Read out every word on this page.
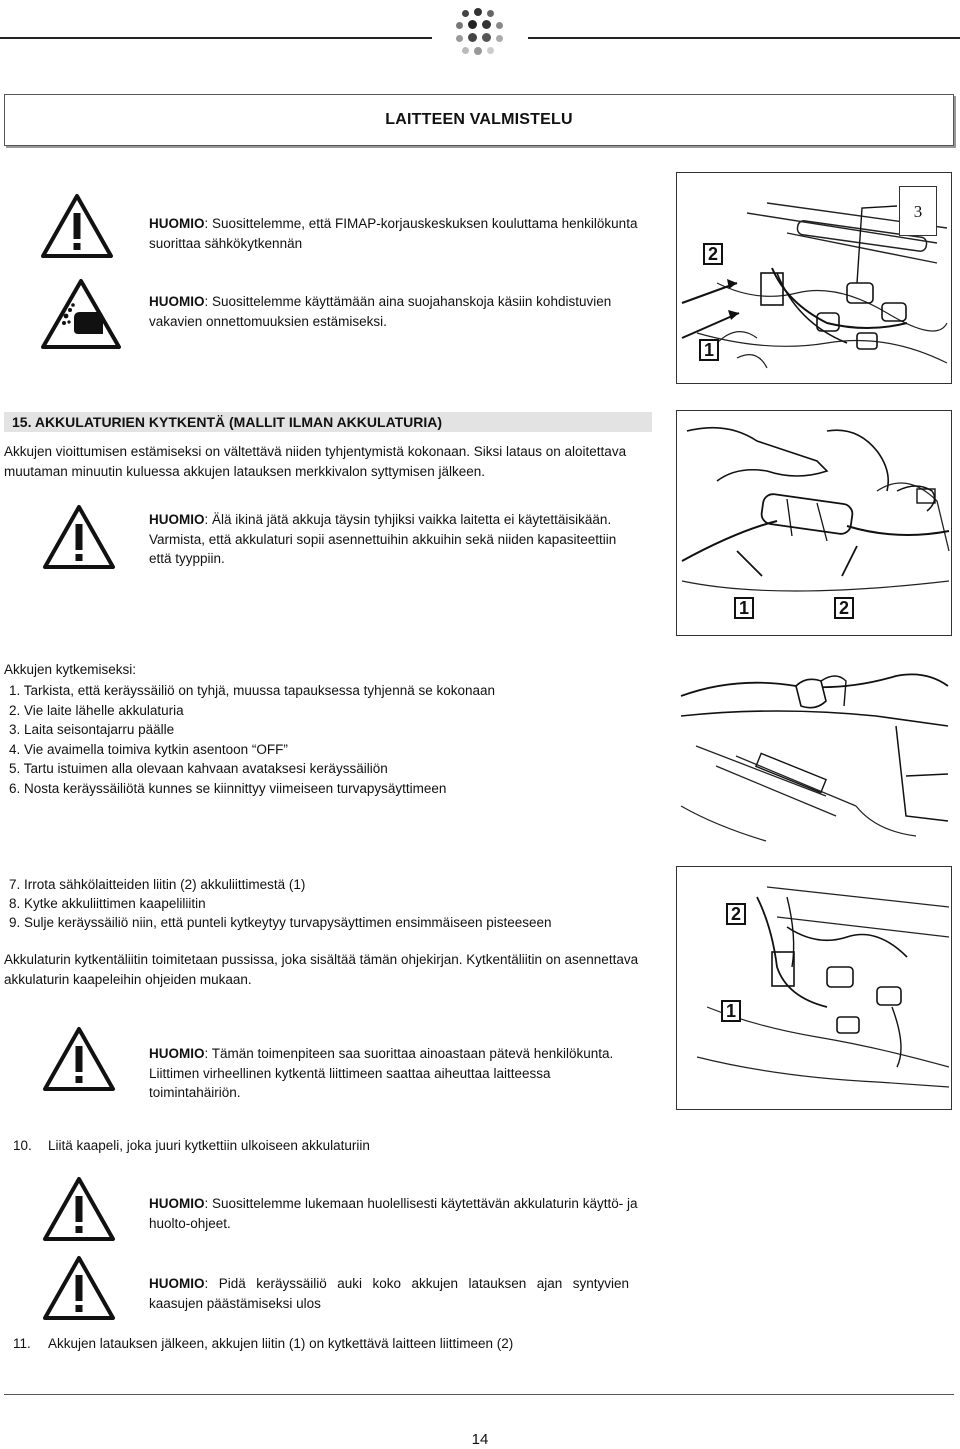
LAITTEEN VALMISTELU
HUOMIO: Suosittelemme, että FIMAP-korjauskeskuksen kouluttama henkilökunta suorittaa sähkökytkennän
HUOMIO: Suosittelemme käyttämään aina suojahanskoja käsiin kohdistuvien vakavien onnettomuuksien estämiseksi.
2
1
3
15. AKKULATURIEN KYTKENTÄ (MALLIT ILMAN AKKULATURIA)
Akkujen vioittumisen estämiseksi on vältettävä niiden tyhjentymistä kokonaan. Siksi lataus on aloitettava muutaman minuutin kuluessa akkujen latauksen merkkivalon syttymisen jälkeen.
HUOMIO: Älä ikinä jätä akkuja täysin tyhjiksi vaikka laitetta ei käytettäisikään. Varmista, että akkulaturi sopii asennettuihin akkuihin sekä niiden kapasiteettiin että tyyppiin.
1	2
Akkujen kytkemiseksi:
1. Tarkista, että keräyssäiliö on tyhjä, muussa tapauksessa tyhjennä se kokonaan
2. Vie laite lähelle akkulaturia
3. Laita seisontajarru päälle
4. Vie avaimella toimiva kytkin asentoon “OFF”
5. Tartu istuimen alla olevaan kahvaan avataksesi keräyssäiliön
6. Nosta keräyssäiliötä kunnes se kiinnittyy viimeiseen turvapysäyttimeen
7. Irrota sähkölaitteiden liitin (2) akkuliittimestä (1)
8. Kytke akkuliittimen kaapeliliitin
9. Sulje keräyssäiliö niin, että punteli kytkeytyy turvapysäyttimen ensimmäiseen pisteeseen
Akkulaturin kytkentäliitin toimitetaan pussissa, joka sisältää tämän ohjekirjan. Kytkentäliitin on asennettava akkulaturin kaapeleihin ohjeiden mukaan.
HUOMIO: Tämän toimenpiteen saa suorittaa ainoastaan pätevä henkilökunta. Liittimen virheellinen kytkentä liittimeen saattaa aiheuttaa laitteessa toimintahäiriön.
2
1
10. Liitä kaapeli, joka juuri kytkettiin ulkoiseen akkulaturiin
HUOMIO: Suosittelemme lukemaan huolellisesti käytettävän akkulaturin käyttö- ja huolto-ohjeet.
HUOMIO: Pidä keräyssäiliö auki koko akkujen latauksen ajan syntyvien kaasujen päästämiseksi ulos
11. Akkujen latauksen jälkeen, akkujen liitin (1) on kytkettävä laitteen liittimeen (2)
14
